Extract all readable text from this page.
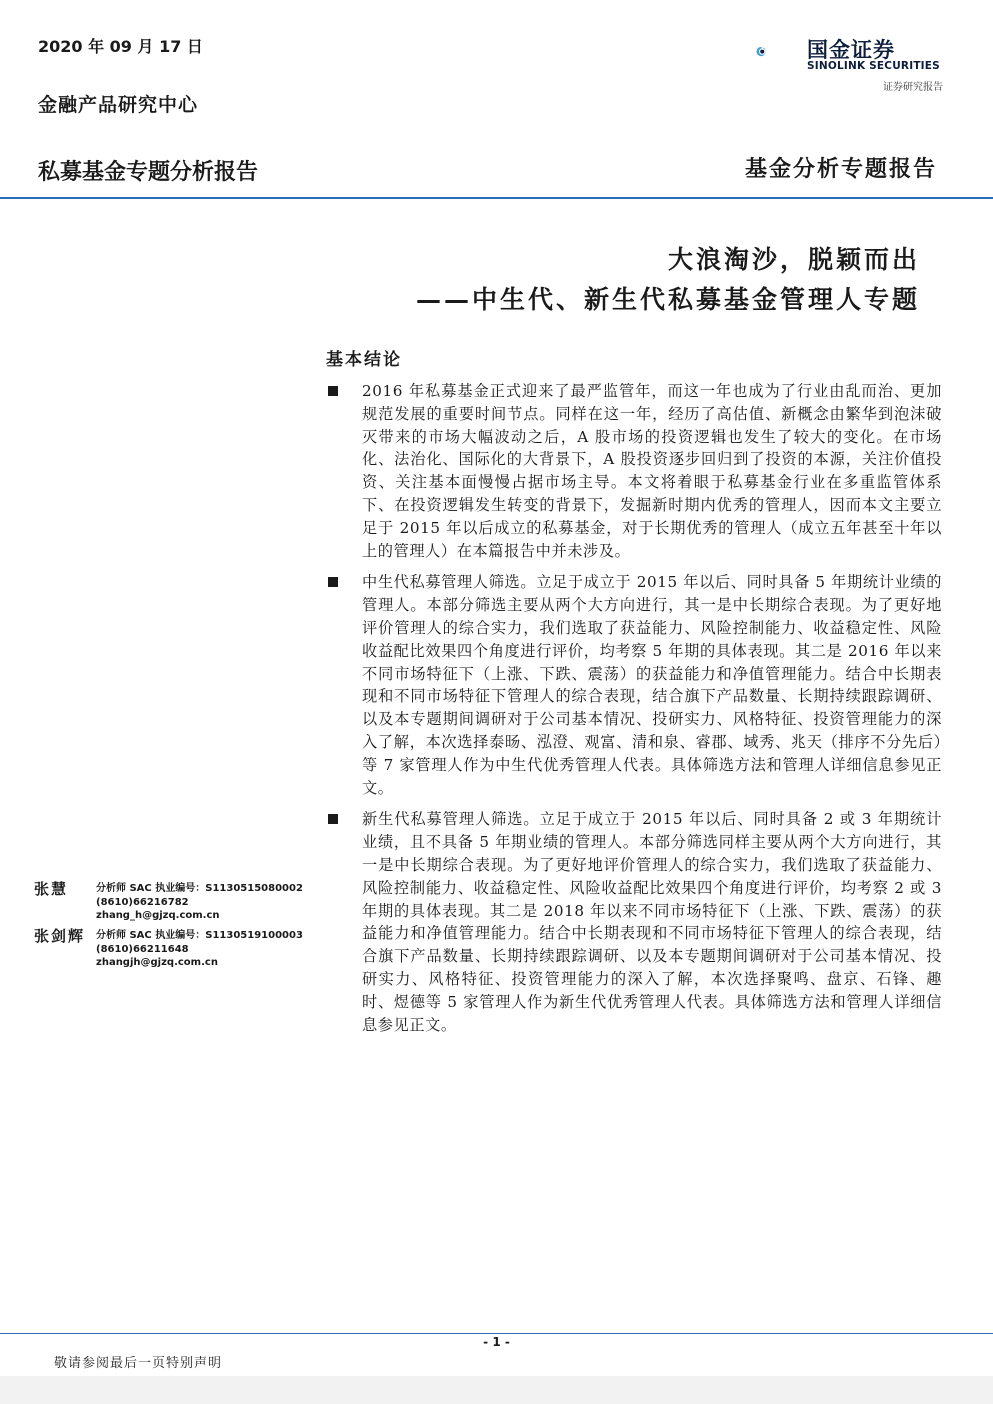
2020 年 09 月 17 日
金融产品研究中心
国金证券
SINOLINK SECURITIES
证券研究报告
私募基金专题分析报告	基金分析专题报告
大浪淘沙，脱颖而出
——中生代、新生代私募基金管理人专题
基本结论
2016 年私募基金正式迎来了最严监管年，而这一年也成为了行业由乱而治、更加规范发展的重要时间节点。同样在这一年，经历了高估值、新概念由繁华到泡沫破灭带来的市场大幅波动之后，A 股市场的投资逻辑也发生了较大的变化。在市场化、法治化、国际化的大背景下，A 股投资逐步回归到了投资的本源，关注价值投资、关注基本面慢慢占据市场主导。本文将着眼于私募基金行业在多重监管体系下、在投资逻辑发生转变的背景下，发掘新时期内优秀的管理人，因而本文主要立足于 2015 年以后成立的私募基金，对于长期优秀的管理人（成立五年甚至十年以上的管理人）在本篇报告中并未涉及。
中生代私募管理人筛选。立足于成立于 2015 年以后、同时具备 5 年期统计业绩的管理人。本部分筛选主要从两个大方向进行，其一是中长期综合表现。为了更好地评价管理人的综合实力，我们选取了获益能力、风险控制能力、收益稳定性、风险收益配比效果四个角度进行评价，均考察 5 年期的具体表现。其二是 2016 年以来不同市场特征下（上涨、下跌、震荡）的获益能力和净值管理能力。结合中长期表现和不同市场特征下管理人的综合表现，结合旗下产品数量、长期持续跟踪调研、以及本专题期间调研对于公司基本情况、投研实力、风格特征、投资管理能力的深入了解，本次选择泰旸、泓澄、观富、清和泉、睿郡、域秀、兆天（排序不分先后）等 7 家管理人作为中生代优秀管理人代表。具体筛选方法和管理人详细信息参见正文。
新生代私募管理人筛选。立足于成立于 2015 年以后、同时具备 2 或 3 年期统计业绩，且不具备 5 年期业绩的管理人。本部分筛选同样主要从两个大方向进行，其一是中长期综合表现。为了更好地评价管理人的综合实力，我们选取了获益能力、风险控制能力、收益稳定性、风险收益配比效果四个角度进行评价，均考察 2 或 3 年期的具体表现。其二是 2018 年以来不同市场特征下（上涨、下跌、震荡）的获益能力和净值管理能力。结合中长期表现和不同市场特征下管理人的综合表现，结合旗下产品数量、长期持续跟踪调研、以及本专题期间调研对于公司基本情况、投研实力、风格特征、投资管理能力的深入了解，本次选择聚鸣、盘京、石锋、趣时、煜德等 5 家管理人作为新生代优秀管理人代表。具体筛选方法和管理人详细信息参见正文。
张慧	分析师 SAC 执业编号：S1130515080002
(8610)66216782
zhang_h@gjzq.com.cn
张剑辉 分析师 SAC 执业编号：S1130519100003
(8610)66211648
zhangjh@gjzq.com.cn
- 1 -
敬请参阅最后一页特别声明
